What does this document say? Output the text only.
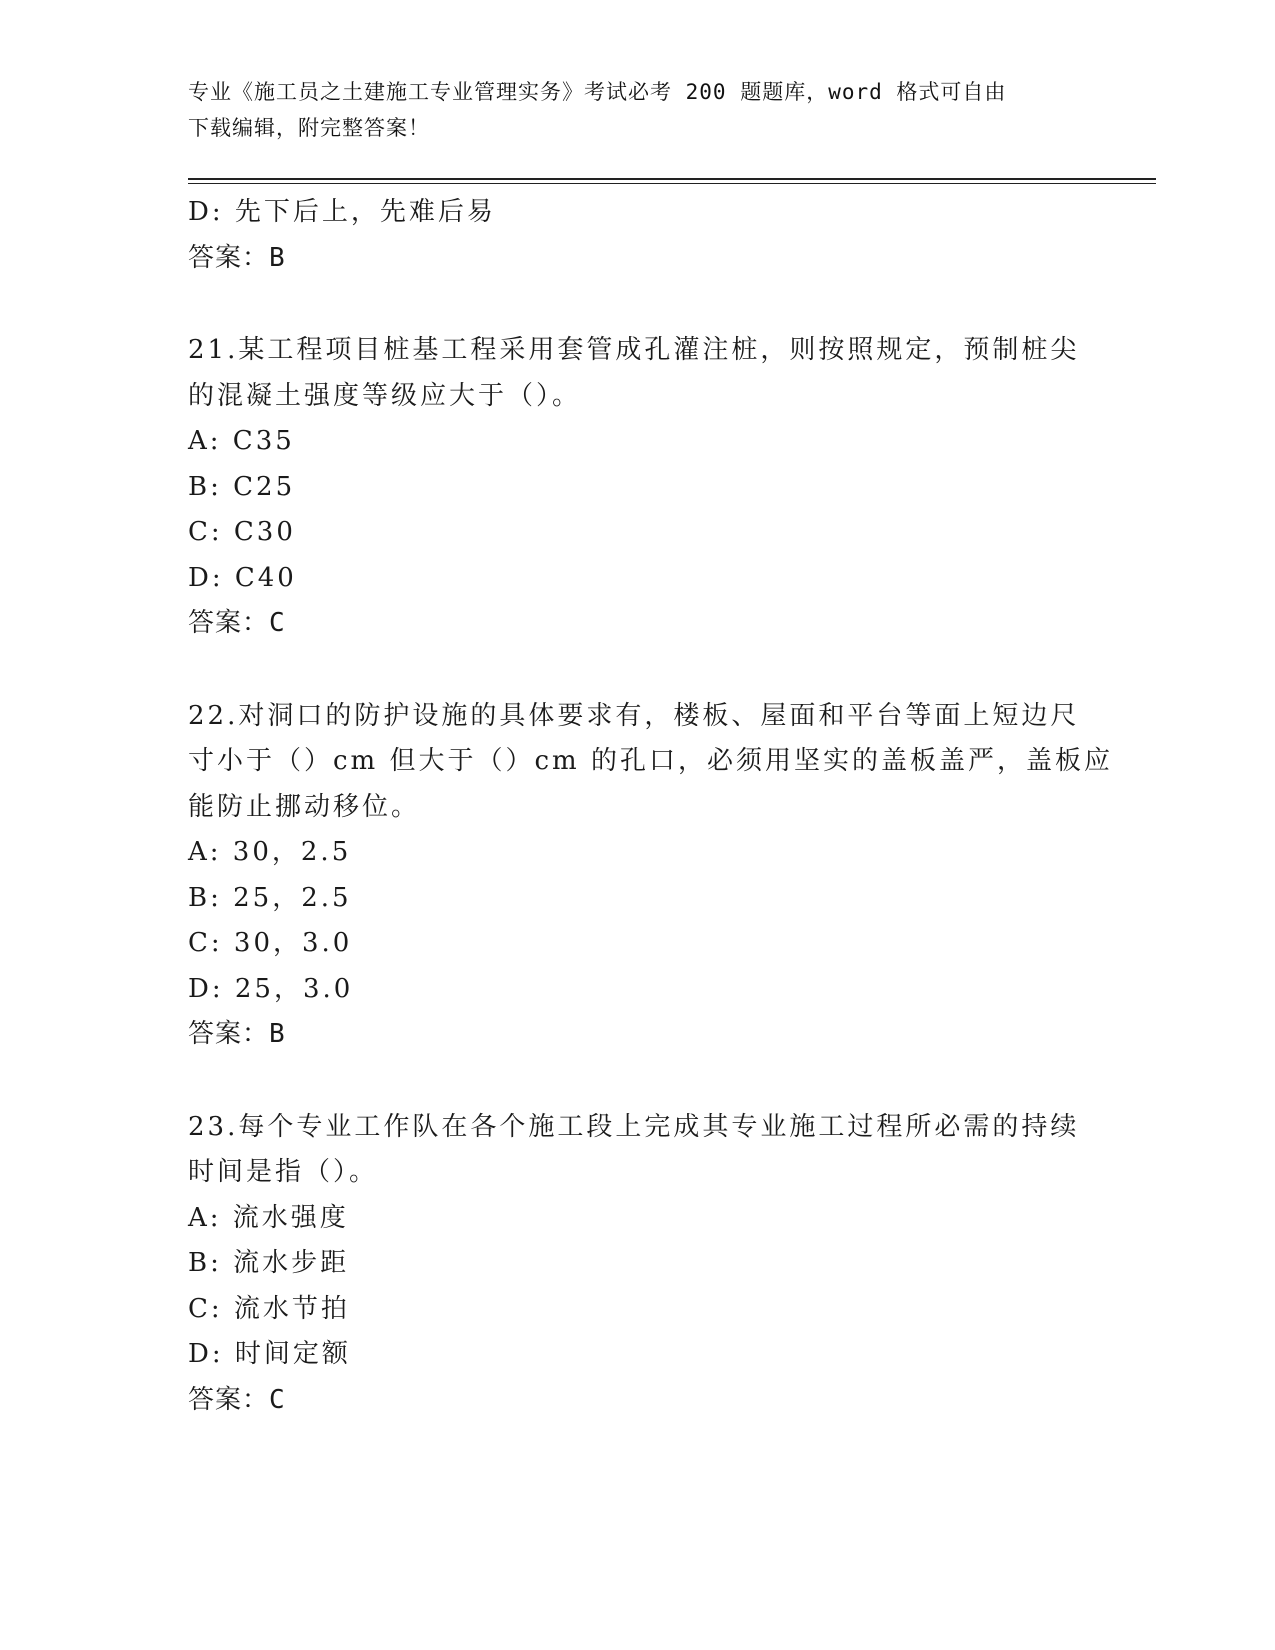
专业《施工员之土建施工专业管理实务》考试必考 200 题题库，word 格式可自由
下载编辑，附完整答案！
D: 先下后上，先难后易
答案：B
21.某工程项目桩基工程采用套管成孔灌注桩，则按照规定，预制桩尖
的混凝土强度等级应大于（）。
A: C35
B: C25
C: C30
D: C40
答案：C
22.对洞口的防护设施的具体要求有，楼板、屋面和平台等面上短边尺
寸小于（）cm 但大于（）cm 的孔口，必须用坚实的盖板盖严，盖板应
能防止挪动移位。
A: 30，2.5
B: 25，2.5
C: 30，3.0
D: 25，3.0
答案：B
23.每个专业工作队在各个施工段上完成其专业施工过程所必需的持续
时间是指（）。
A: 流水强度
B: 流水步距
C: 流水节拍
D: 时间定额
答案：C
